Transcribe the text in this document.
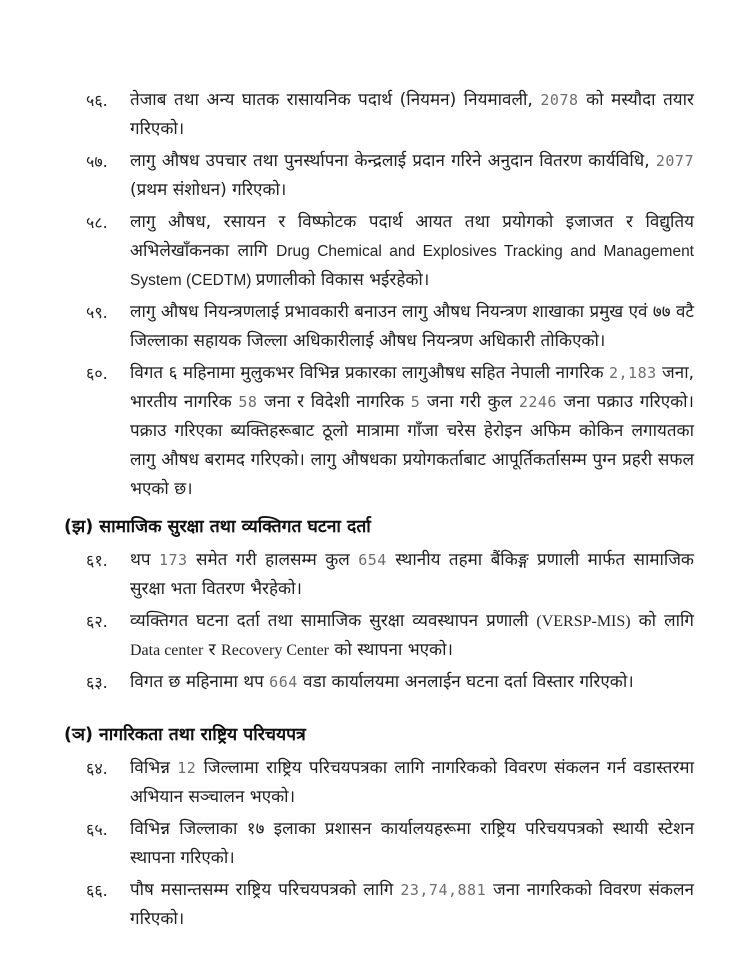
५६.	तेजाब तथा अन्य घातक रासायनिक पदार्थ (नियमन) नियमावली, 2078 को मस्यौदा तयार गरिएको।
५७.	लागु औषध उपचार तथा पुनर्स्थापना केन्द्रलाई प्रदान गरिने अनुदान वितरण कार्यविधि, 2077 (प्रथम संशोधन) गरिएको।
५८.	लागु औषध, रसायन र विष्फोटक पदार्थ आयत तथा प्रयोगको इजाजत र विद्युतिय अभिलेखाँकनका लागि Drug Chemical and Explosives Tracking and Management System (CEDTM) प्रणालीको विकास भईरहेको।
५९.	लागु औषध नियन्त्रणलाई प्रभावकारी बनाउन लागु औषध नियन्त्रण शाखाका प्रमुख एवं ७७ वटै जिल्लाका सहायक जिल्ला अधिकारीलाई औषध नियन्त्रण अधिकारी तोकिएको।
६०.	विगत ६ महिनामा मुलुकभर विभिन्न प्रकारका लागुऔषध सहित नेपाली नागरिक 2,183 जना, भारतीय नागरिक 58 जना र विदेशी नागरिक 5 जना गरी कुल 2246 जना पक्राउ गरिएको। पक्राउ गरिएका ब्यक्तिहरूबाट ठूलो मात्रामा गाँजा चरेस हेरोइन अफिम कोकिन लगायतका लागु औषध बरामद गरिएको। लागु औषधका प्रयोगकर्ताबाट आपूर्तिकर्तासम्म पुग्न प्रहरी सफल भएको छ।
(झ) सामाजिक सुरक्षा तथा व्यक्तिगत घटना दर्ता
६१.	थप 173 समेत गरी हालसम्म कुल 654 स्थानीय तहमा बैंकिङ्ग प्रणाली मार्फत सामाजिक सुरक्षा भता वितरण भैरहेको।
६२.	व्यक्तिगत घटना दर्ता तथा सामाजिक सुरक्षा व्यवस्थापन प्रणाली (VERSP-MIS) को लागि Data center र Recovery Center को स्थापना भएको।
६३.	विगत छ महिनामा थप 664 वडा कार्यालयमा अनलाईन घटना दर्ता विस्तार गरिएको।
(ञ) नागरिकता तथा राष्ट्रिय परिचयपत्र
६४.	विभिन्न 12 जिल्लामा राष्ट्रिय परिचयपत्रका लागि नागरिकको विवरण संकलन गर्न वडास्तरमा अभियान सञ्चालन भएको।
६५.	विभिन्न जिल्लाका १७ इलाका प्रशासन कार्यालयहरूमा राष्ट्रिय परिचयपत्रको स्थायी स्टेशन स्थापना गरिएको।
६६.	पौष मसान्तसम्म राष्ट्रिय परिचयपत्रको लागि 23,74,881 जना नागरिकको विवरण संकलन गरिएको।
